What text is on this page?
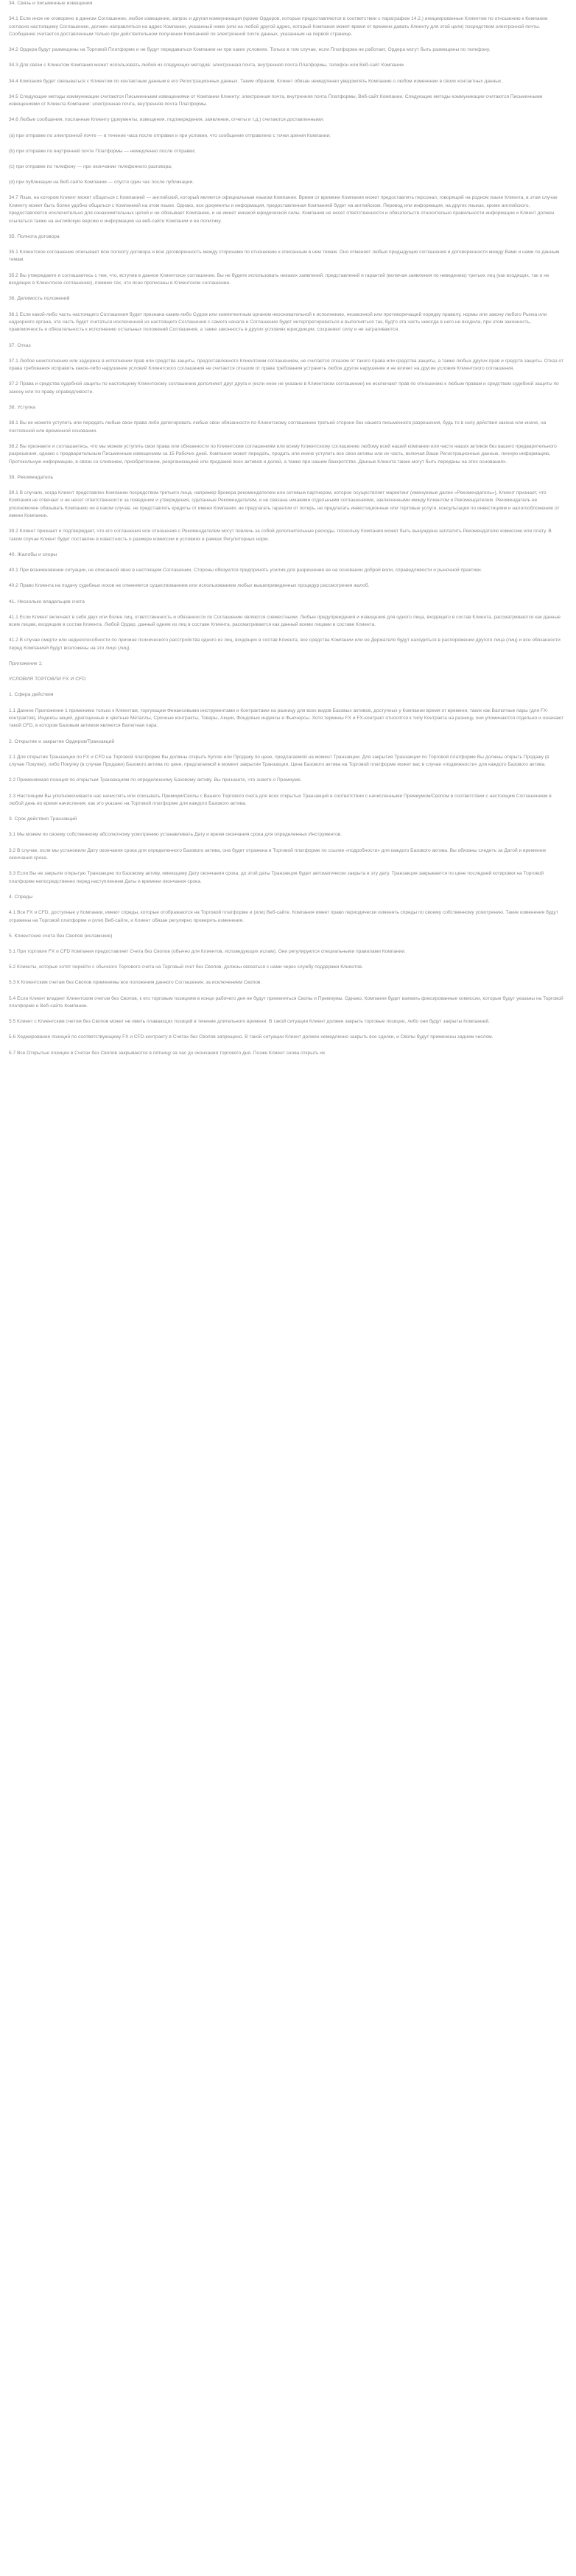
34. Связь и письменные извещения

34.1 Если иное не оговорено в данном Соглашении, любое извещение, запрос и другая коммуникация (кроме Ордеров, которые предоставляются в соответствии с параграфом 14.2.) инициированные Клиентом по отношению к Компании согласно настоящему Соглашению, должен направляться на адрес Компании, указанный ниже (или на любой другой адрес, который Компания может время от времени давать Клиенту для этой цели) посредством электронной почты. Сообщение считается доставленным только при действительном получении Компанией по электронной почте данных, указанным на первой странице.

34.2 Ордера будут размещены на Торговой Платформе и не будут передаваться Компании ни при каких условиях. Только в том случае, если Платформа не работает, Ордера могут быть размещены по телефону.

34.3 Для связи с Клиентом Компания может использовать любой из следующих методов: электронная почта, внутренняя почта Платформы, телефон или Веб-сайт Компании.

34.4 Компания будет связываться с Клиентом по контактным данным в его Регистрационных данных. Таким образом, Клиент обязан немедленно уведомлять Компанию о любом изменении в своих контактных данных.

34.5 Следующие методы коммуникации считаются Письменными извещениями от Компании Клиенту: электронная почта, внутренняя почта Платформы, Веб-сайт Компании. Следующие методы коммуникации считаются Письменными извещениями от Клиента Компании: электронная почта, внутренняя почта Платформы.

34.6 Любые сообщения, посланные Клиенту (документы, извещения, подтверждения, заявления, отчеты и т.д.) считаются доставленными:

(а) при отправке по электронной почте — в течение часа после отправки и при условии, что сообщение отправлено с точки зрения Компании;

(b) при отправке по внутренней почте Платформы — немедленно после отправки;

(c) при отправке по телефону — при окончании телефонного разговора;

(d) при публикации на Веб-сайте Компании — спустя один час после публикации.

34.7 Язык, на котором Клиент может общаться с Компанией — английский, который является официальным языком Компании. Время от времени Компания может предоставлять персонал, говорящий на родном языке Клиента, в этом случае Клиенту может быть более удобно общаться с Компанией на этом языке. Однако, все документы и информация, предоставленная Компанией будет на английском. Перевод или информация, на других языках, кроме английского, предоставляется исключительно для ознакомительных целей и не обязывает Компанию, и не имеет никакой юридической силы. Компания не несет ответственности и обязательств относительно правильности информации и Клиент должен ссылаться также на английскую версию и информацию на веб-сайте Компании и ее политику.

35. Полнота договора

35.1 Клиентское соглашение описывает всю полноту договора и всю договоренность между сторонами по отношению к описанным в нем темам. Оно отменяет любые предыдущие соглашения и договоренности между Вами и нами по данным темам.

35.2 Вы утверждаете и соглашаетесь с тем, что, вступив в данное Клиентское соглашение, Вы не будете использовать никаких заявлений, представлений и гарантий (включая заявления по неведению) третьих лиц (как входящих, так и не входящих в Клиентское соглашение), помимо тех, что ясно прописаны в Клиентском соглашении.

36. Делимость положений

36.1 Если какой-либо часть настоящего Соглашения будет признана каким-либо Судом или компетентным органом неосновательной к исполнению, незаконной или противоречащей порядку правилу, нормы или закону любого Рынка или надзорного органа, эта часть будет считаться исключенной из настоящего Соглашения с самого начала и Соглашение будет интерпретироваться и выполняться так, будто эта часть никогда в него не входила, при этом законность, правомочность и обязательность к исполнению остальных положений Соглашения, а также законность в других условиях юрисдикции, сохраняют силу и не затрагиваются.

37. Отказ

37.1 Любое неисполнение или задержка в исполнении прав или средства защиты, предоставленного Клиентским соглашением, не считается отказом от такого права или средства защиты, а также любых других прав и средств защиты. Отказ от права требования исправить какое-либо нарушение условий Клиентского соглашения не считается отказом от права требования устранить любое другое нарушение и не влияет на другие условия Клиентского соглашения.

37.2 Права и средства судебной защиты по настоящему Клиентскому соглашению дополняют друг друга и (если иное не указано в Клиентском соглашении) не исключают прав по отношению к любым правам и средствам судебной защиты по закону или по праву справедливости.

38. Уступка

38.1 Вы не можете уступить или передать любые свои права либо делегировать любые свои обязанности по Клиентскому соглашению третьей стороне без нашего письменного разрешения, будь то в силу действия закона или иначе, на постоянной или временной основании.

38.2 Вы признаете и соглашаетесь, что мы можем уступить свои права или обязанности по Клиентским соглашениям или всему Клиентскому соглашению любому всей нашей компании или части наших активов без вашего предварительного разрешения, однако с предварительным Письменным извещением за 15 Рабочих дней. Компания может передать, продать или иначе уступить все свои активы или их часть, включая Ваши Регистрационные данные, личную информацию, Протокольную информацию, в связи со слиянием, приобретением, реорганизацией или продажей всех активов и долей, а также при нашем банкротстве. Данные Клиента также могут быть переданы на этих основаниях.

39. Рекомендатель

39.1 В случаях, когда Клиент представлен Компании посредством третьего лица, например брокера рекомендателем или сетевым партнером, которое осуществляет маркетинг (именуемые далее «Рекомендатель»), Клиент признает, что Компания не отвечает и не несет ответственности за поведение и утверждения, сделанные Рекомендателем, и не связана никакими отдельными соглашениями, заключенными между Клиентом и Рекомендателем. Рекомендатель не уполномочен обязывать Компанию ни в каком случае, не представлять кредиты от имени Компании, не предлагать гарантии от потерь, не предлагать инвестиционные или торговые услуги, консультации по инвестициям и налогообложению от имени Компании.

39.2 Клиент признает и подтверждает, что его соглашения или отношения с Рекомендателем могут повлечь за собой дополнительные расходы, поскольку Компания может быть вынуждена заплатить Рекомендателю комиссию или плату. В таком случае Клиент будет поставлен в известность о размере комиссии и условиях в рамках Регуляторных норм.

40. Жалобы и споры

40.1 При возникновении ситуации, не описанной явно в настоящем Соглашении, Стороны обязуются предпринять усилия для разрешения ее на основании доброй воли, справедливости и рыночной практики.

40.2 Право Клиента на подачу судебных исков не отменяется существованием или использованием любых вышеприведенных процедур рассмотрения жалоб.

41. Несколько владельцев счета

41.1 Если Клиент включает в себя двух или более лиц, ответственность и обязанности по Соглашению являются совместными. Любые предупреждения и извещения для одного лица, входящего в состав Клиента, рассматриваются как данные всем лицам, входящим в состав Клиента. Любой Ордер, данный одним из лиц в составе Клиента, рассматривается как данный всеми лицами в составе Клиента.

41.2 В случае смерти или недееспособности по причине психического расстройства одного из лиц, входящих в состав Клиента, все средства Компании или ее Держателя будут находиться в распоряжении другого лица (лиц) и все обязанности перед Компанией будут возложены на это лицо (лиц).

Приложение 1:

УСЛОВИЯ ТОРГОВЛИ FX И CFD
1. Сфера действия

1.1 Данное Приложение 1 применимо только к Клиентам, торгующим Финансовыми инструментами и Контрактами на разницу для всех видов Базовых активов, доступных у Компании время от времени, таких как Валютные пары (для FX-контрактов), Индексы акций, драгоценные и цветные Металлы, Срочные контракты, Товары, Акции, Фондовые индексы и Фьючерсы. Хотя термины FX и FX-контракт относятся к типу Контракта на разницу, они упоминаются отдельно и означают такой CFD, в котором Базовым активом является Валютная пара.

2. Открытие и закрытие Ордеров/Транзакций

2.1 Для открытия Транзакции по FX и CFD на Торговой платформе Вы должны открыть Куплю или Продажу по цене, предлагаемой на момент Транзакции. Для закрытия Транзакции по Торговой платформе Вы должны открыть Продажу (в случае Покупки), либо Покупку (в случае Продажи) Базового актива по цене, предлагаемой в момент закрытия Транзакции. Цена Базового актива на Торговой платформе может вас в случае «подвижности» для каждого Базового актива.

2.2 Применяемая позиция по открытым Транзакциям по определенному Базовому активу. Вы признаете, что знаете о Премиуме.

2.3 Настоящим Вы уполномочиваете нас начислять или списывать Премиум/Свопы с Вашего Торгового счета для всех открытых Транзакций в соответствии с начисленными Премиумом/Свопом в соответствии с настоящим Соглашением в любой день во время начисления, как это указано на Торговой платформе для каждого Базового актива.

3. Срок действия Транзакций

3.1 Мы можем по своему собственному абсолютному усмотрению устанавливать Дату и время окончания срока для определенных Инструментов.

3.2 В случае, если мы установили Дату окончания срока для определенного Базового актива, она будет отражена в Торговой платформе по ссылке «подробности» для каждого Базового актива. Вы обязаны следить за Датой и временем окончания срока.

3.3 Если Вы не закрыли открытую Транзакцию по Базовому активу, имеющему Дату окончания срока, до этой даты Транзакция будет автоматически закрыта в эту дату. Транзакция закрывается по цене последней котировки на Торговой платформе непосредственно перед наступлением Даты и времени окончания срока.

4. Спреды

4.1 Все FX и CFD, доступные у Компании, имеют спреды, которые отображаются на Торговой платформе и (или) Веб-сайте. Компания имеет право периодически изменять спреды по своему собственному усмотрению. Такие изменения будут отражены на Торговой платформе и (или) Веб-сайте, и Клиент обязан регулярно проверять изменения.

5. Клиентские счета без Свопов (исламские)

5.1 При торговле FX и CFD Компания предоставляет Счета без Свопов (обычно для Клиентов, исповедующих ислам). Они регулируются специальными правилами Компании.

5.2 Клиенты, которые хотят перейти с обычного Торгового счета на Торговый счет без Свопов, должны связаться с нами через службу поддержки Клиентов.

5.3 К Клиентским счетам без Свопов применимы все положения данного Соглашения, за исключением Свопов.

5.4 Если Клиент владеет Клиентским счетом без Свопов, к его торговым позициям в конце рабочего дня не будут применяться Свопы и Премиумы. Однако, Компания будет взимать фиксированные комиссии, которые будут указаны на Торговой платформе и Веб-сайте Компании.

5.5 Клиент с Клиентским счетом без Свопов может не иметь плавающих позиций в течение длительного времени. В такой ситуации Клиент должен закрыть торговые позиции, либо они будут закрыты Компанией.

5.6 Хеджирование позиций по соответствующему FX и CFD-контракту в Счетах без Свопов запрещено. В такой ситуации Клиент должен немедленно закрыть все сделки, и Свопы будут применены задним числом.

5.7 Все Открытые позиции в Счетах без Свопов закрываются в пятницу за час до окончания торгового дня. Позже Клиент снова открыть их.
